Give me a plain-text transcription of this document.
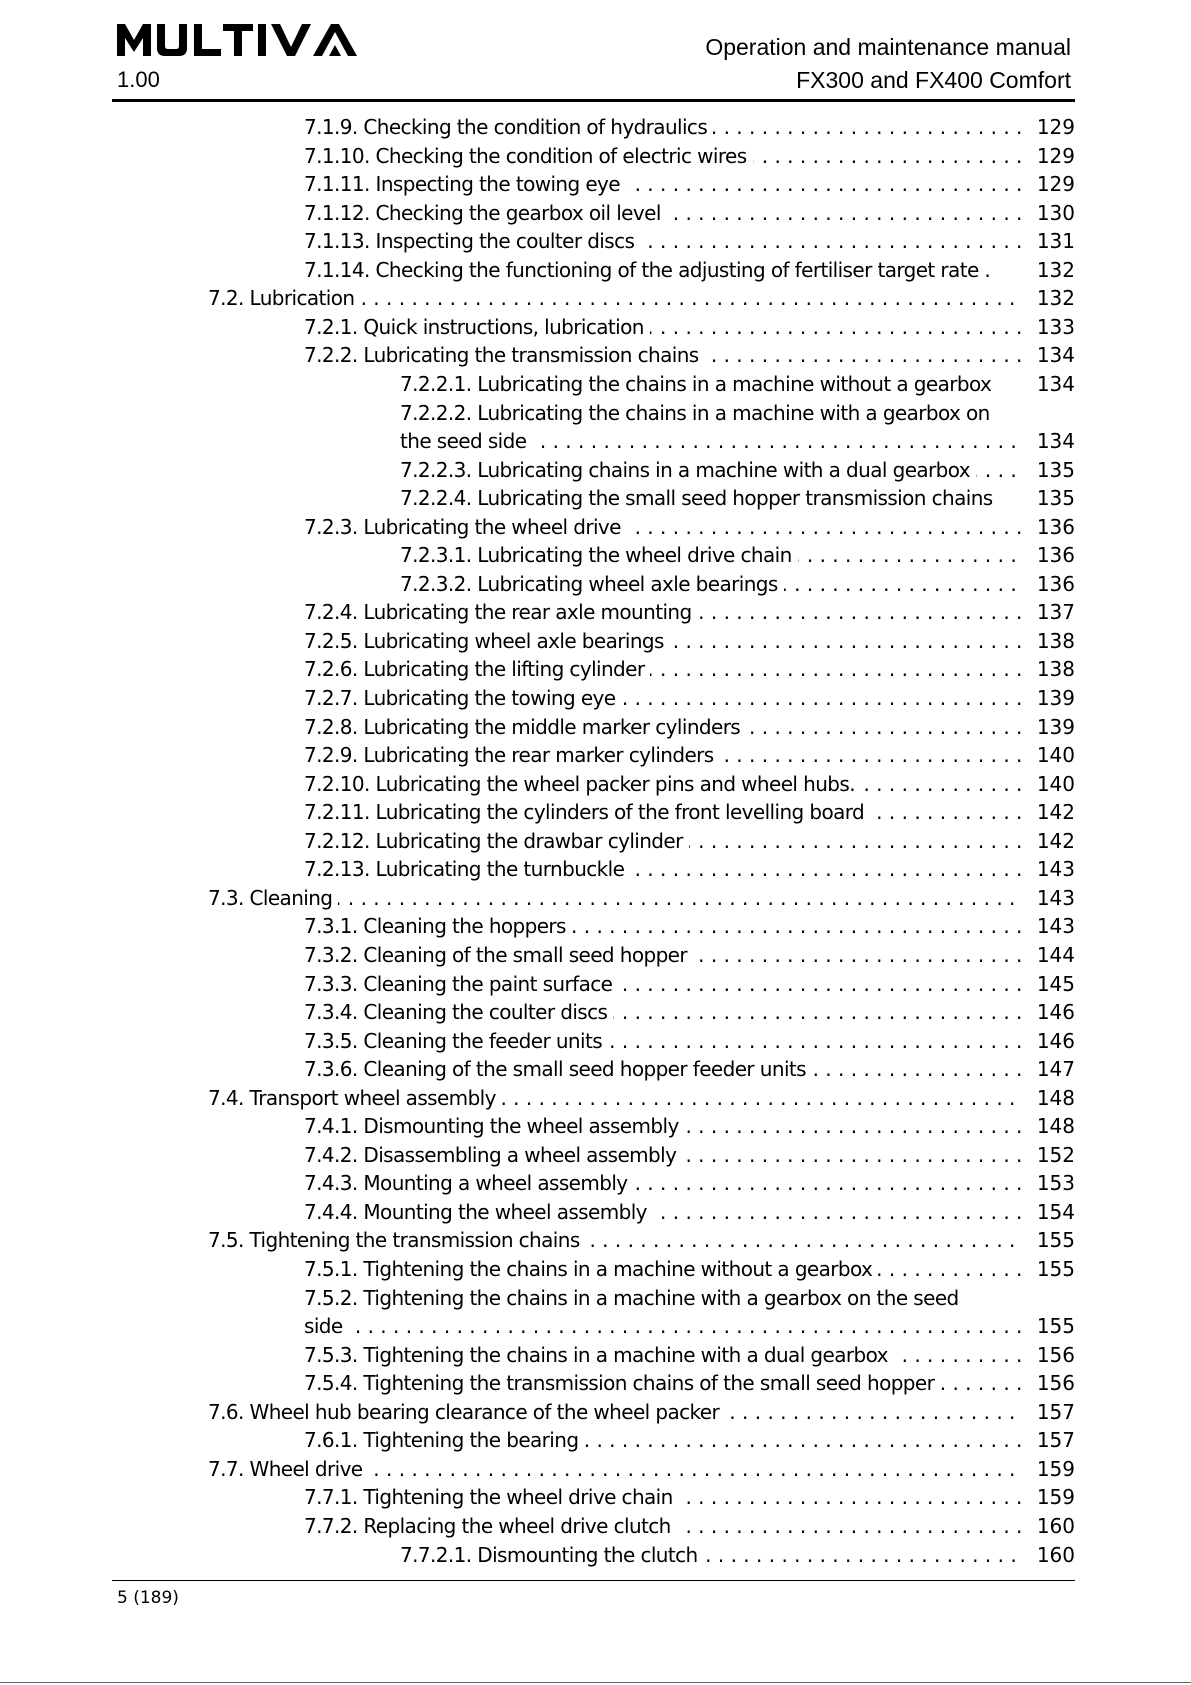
1.00
Operation and maintenance manual
FX300 and FX400 Comfort
7.1.9. Checking the condition of hydraulics . . .	129
7.1.10. Checking the condition of electric wires . . .	129
7.1.11. Inspecting the towing eye . . .	129
7.1.12. Checking the gearbox oil level . . .	130
7.1.13. Inspecting the coulter discs . . .	131
7.1.14. Checking the functioning of the adjusting of fertiliser target rate .	132
7.2. Lubrication . . .	132
7.2.1. Quick instructions, lubrication . . .	133
7.2.2. Lubricating the transmission chains . . .	134
7.2.2.1. Lubricating the chains in a machine without a gearbox	134
7.2.2.2. Lubricating the chains in a machine with a gearbox on
the seed side . . .	134
7.2.2.3. Lubricating chains in a machine with a dual gearbox . . .	135
7.2.2.4. Lubricating the small seed hopper transmission chains	135
7.2.3. Lubricating the wheel drive . . .	136
7.2.3.1. Lubricating the wheel drive chain . . .	136
7.2.3.2. Lubricating wheel axle bearings . . .	136
7.2.4. Lubricating the rear axle mounting . . .	137
7.2.5. Lubricating wheel axle bearings . . .	138
7.2.6. Lubricating the lifting cylinder . . .	138
7.2.7. Lubricating the towing eye . . .	139
7.2.8. Lubricating the middle marker cylinders . . .	139
7.2.9. Lubricating the rear marker cylinders . . .	140
7.2.10. Lubricating the wheel packer pins and wheel hubs. . . .	140
7.2.11. Lubricating the cylinders of the front levelling board . . .	142
7.2.12. Lubricating the drawbar cylinder . . .	142
7.2.13. Lubricating the turnbuckle . . .	143
7.3. Cleaning . . .	143
7.3.1. Cleaning the hoppers . . .	143
7.3.2. Cleaning of the small seed hopper . . .	144
7.3.3. Cleaning the paint surface . . .	145
7.3.4. Cleaning the coulter discs . . .	146
7.3.5. Cleaning the feeder units . . .	146
7.3.6. Cleaning of the small seed hopper feeder units . . .	147
7.4. Transport wheel assembly . . .	148
7.4.1. Dismounting the wheel assembly . . .	148
7.4.2. Disassembling a wheel assembly . . .	152
7.4.3. Mounting a wheel assembly . . .	153
7.4.4. Mounting the wheel assembly . . .	154
7.5. Tightening the transmission chains . . .	155
7.5.1. Tightening the chains in a machine without a gearbox . . .	155
7.5.2. Tightening the chains in a machine with a gearbox on the seed
side . . .	155
7.5.3. Tightening the chains in a machine with a dual gearbox . . .	156
7.5.4. Tightening the transmission chains of the small seed hopper . . .	156
7.6. Wheel hub bearing clearance of the wheel packer . . .	157
7.6.1. Tightening the bearing . . .	157
7.7. Wheel drive . . .	159
7.7.1. Tightening the wheel drive chain . . .	159
7.7.2. Replacing the wheel drive clutch . . .	160
7.7.2.1. Dismounting the clutch . . .	160
5 (189)
